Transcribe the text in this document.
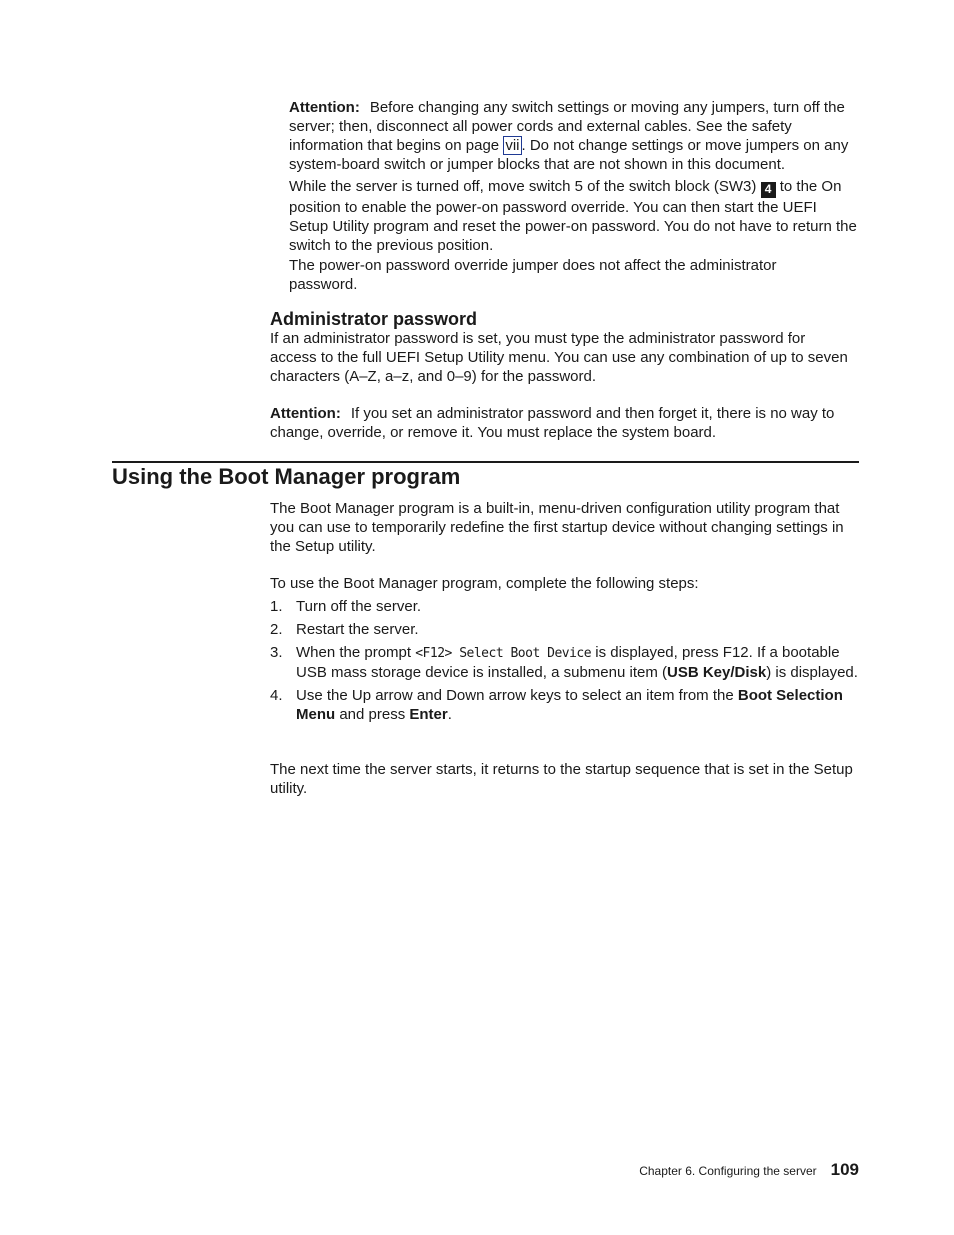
Attention: Before changing any switch settings or moving any jumpers, turn off the server; then, disconnect all power cords and external cables. See the safety information that begins on page vii . Do not change settings or move jumpers on any system-board switch or jumper blocks that are not shown in this document.

While the server is turned off, move switch 5 of the switch block (SW3) 4 to the On position to enable the power-on password override. You can then start the UEFI Setup Utility program and reset the power-on password. You do not have to return the switch to the previous position.

The power-on password override jumper does not affect the administrator password.

Administrator password

If an administrator password is set, you must type the administrator password for access to the full UEFI Setup Utility menu. You can use any combination of up to seven characters (A–Z, a–z, and 0–9) for the password.

Attention: If you set an administrator password and then forget it, there is no way to change, override, or remove it. You must replace the system board.

Using the Boot Manager program

The Boot Manager program is a built-in, menu-driven configuration utility program that you can use to temporarily redefine the first startup device without changing settings in the Setup utility.

To use the Boot Manager program, complete the following steps:

1. Turn off the server.
2. Restart the server.
3. When the prompt <F12> Select Boot Device is displayed, press F12. If a bootable USB mass storage device is installed, a submenu item (USB Key/Disk) is displayed.
4. Use the Up arrow and Down arrow keys to select an item from the Boot Selection Menu and press Enter.

The next time the server starts, it returns to the startup sequence that is set in the Setup utility.

Chapter 6. Configuring the server 109
